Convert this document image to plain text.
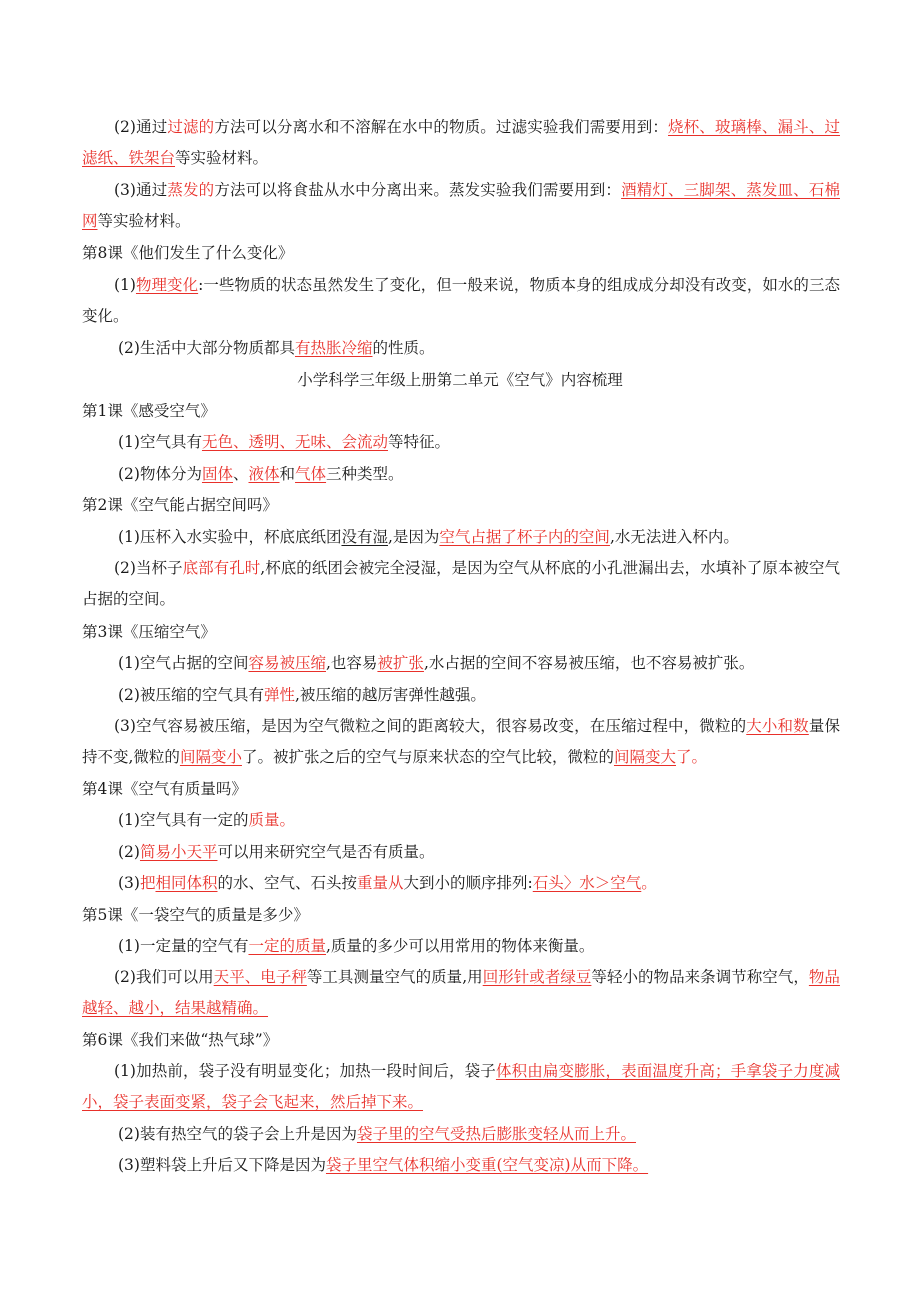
(2)通过过滤的方法可以分离水和不溶解在水中的物质。过滤实验我们需要用到：烧杯、玻璃棒、漏斗、过滤纸、铁架台等实验材料。
(3)通过蒸发的方法可以将食盐从水中分离出来。蒸发实验我们需要用到：酒精灯、三脚架、蒸发皿、石棉网等实验材料。
第8课《他们发生了什么变化》
(1)物理变化:一些物质的状态虽然发生了变化，但一般来说，物质本身的组成成分却没有改变，如水的三态变化。
(2)生活中大部分物质都具有热胀冷缩的性质。
小学科学三年级上册第二单元《空气》内容梳理
第1课《感受空气》
(1)空气具有无色、透明、无味、会流动等特征。
(2)物体分为固体、液体和气体三种类型。
第2课《空气能占据空间吗》
(1)压杯入水实验中，杯底底纸团没有湿,是因为空气占据了杯子内的空间,水无法进入杯内。
(2)当杯子底部有孔时,杯底的纸团会被完全浸湿，是因为空气从杯底的小孔泄漏出去，水填补了原本被空气占据的空间。
第3课《压缩空气》
(1)空气占据的空间容易被压缩,也容易被扩张,水占据的空间不容易被压缩，也不容易被扩张。
(2)被压缩的空气具有弹性,被压缩的越厉害弹性越强。
(3)空气容易被压缩，是因为空气微粒之间的距离较大，很容易改变，在压缩过程中，微粒的大小和数量保持不变,微粒的间隔变小了。被扩张之后的空气与原来状态的空气比较，微粒的间隔变大了。
第4课《空气有质量吗》
(1)空气具有一定的质量。
(2)简易小天平可以用来研究空气是否有质量。
(3)把相同体积的水、空气、石头按重量从大到小的顺序排列:石头〉水＞空气。
第5课《一袋空气的质量是多少》
(1)一定量的空气有一定的质量,质量的多少可以用常用的物体来衡量。
(2)我们可以用天平、电子秤等工具测量空气的质量,用回形针或者绿豆等轻小的物品来条调节称空气，物品越轻、越小，结果越精确。
第6课《我们来做“热气球”》
(1)加热前，袋子没有明显变化；加热一段时间后，袋子体积由扁变膨胀，表面温度升高；手拿袋子力度减小，袋子表面变紧，袋子会飞起来，然后掉下来。
(2)装有热空气的袋子会上升是因为袋子里的空气受热后膨胀变轻从而上升。
(3)塑料袋上升后又下降是因为袋子里空气体积缩小变重(空气变凉)从而下降。
